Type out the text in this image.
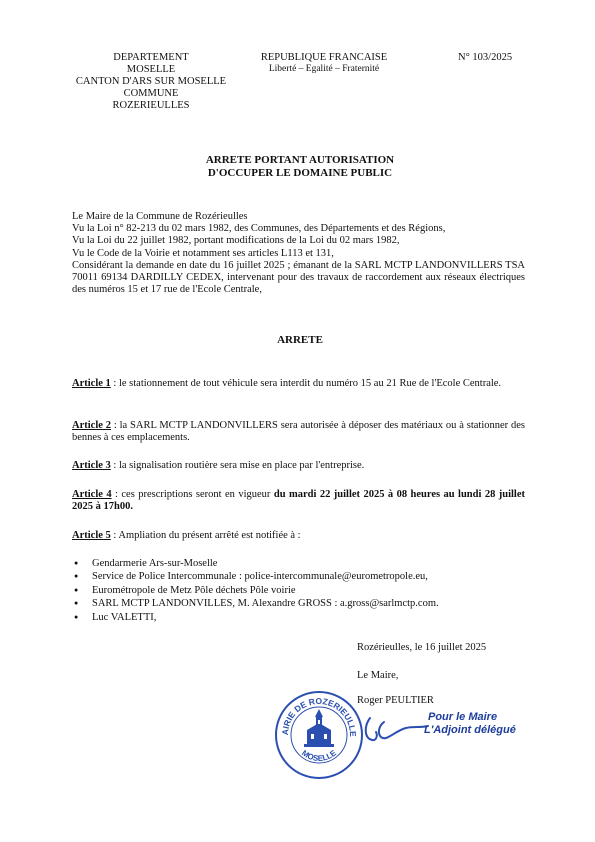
DEPARTEMENT
MOSELLE
CANTON D'ARS SUR MOSELLE
COMMUNE
ROZERIEULLES
REPUBLIQUE FRANCAISE
Liberté – Egalité – Fraternité
N° 103/2025
ARRETE PORTANT AUTORISATION
D'OCCUPER LE DOMAINE PUBLIC
Le Maire de la Commune de Rozérieulles
Vu la Loi n° 82-213 du 02 mars 1982, des Communes, des Départements et des Régions,
Vu la Loi du 22 juillet 1982, portant modifications de la Loi du 02 mars 1982,
Vu le Code de la Voirie et notamment ses articles L113 et 131,
Considérant la demande en date du 16 juillet 2025 ; émanant de la SARL MCTP LANDONVILLERS TSA 70011 69134 DARDILLY CEDEX, intervenant pour des travaux de raccordement aux réseaux électriques des numéros 15 et 17 rue de l'Ecole Centrale,
ARRETE
Article 1 : le stationnement de tout véhicule sera interdit du numéro 15 au 21 Rue de l'Ecole Centrale.
Article 2 : la SARL MCTP LANDONVILLERS sera autorisée à déposer des matériaux ou à stationner des bennes à ces emplacements.
Article 3 : la signalisation routière sera mise en place par l'entreprise.
Article 4 : ces prescriptions seront en vigueur du mardi 22 juillet 2025 à 08 heures au lundi 28 juillet 2025 à 17h00.
Article 5 : Ampliation du présent arrêté est notifiée à :
● Gendarmerie Ars-sur-Moselle
● Service de Police Intercommunale : police-intercommunale@eurometropole.eu,
● Eurométropole de Metz Pôle déchets Pôle voirie
● SARL MCTP LANDONVILLES, M. Alexandre GROSS : a.gross@sarlmctp.com.
● Luc VALETTI,
Rozérieulles, le 16 juillet 2025
Le Maire,
Roger PEULTIER
AIRIE DE ROZERIEULLE
MOSELLE
Pour le Maire
L'Adjoint délégué
